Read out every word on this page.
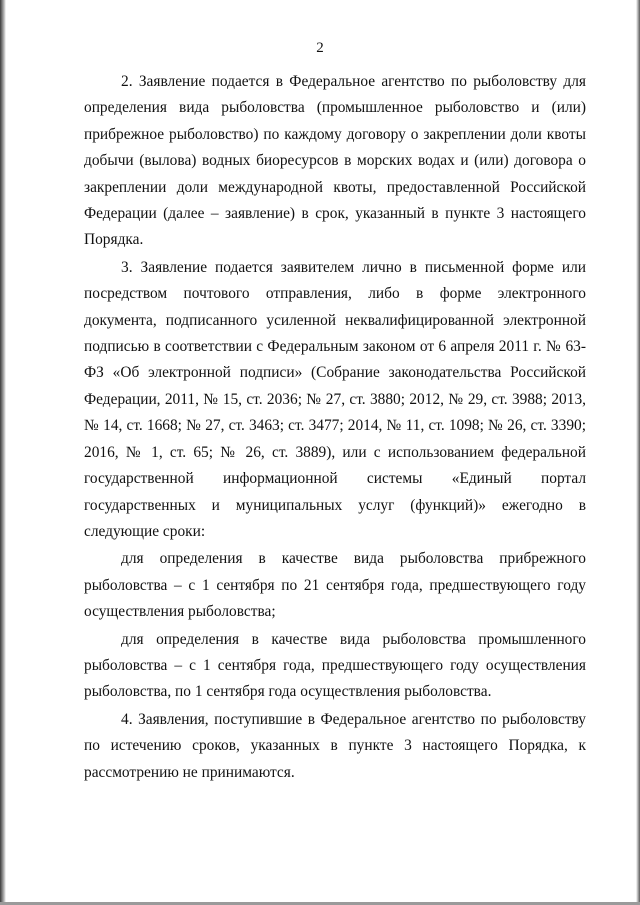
2

2. Заявление подается в Федеральное агентство по рыболовству для определения вида рыболовства (промышленное рыболовство и (или) прибрежное рыболовство) по каждому договору о закреплении доли квоты добычи (вылова) водных биоресурсов в морских водах и (или) договора о закреплении доли международной квоты, предоставленной Российской Федерации (далее – заявление) в срок, указанный в пункте 3 настоящего Порядка.

3. Заявление подается заявителем лично в письменной форме или посредством почтового отправления, либо в форме электронного документа, подписанного усиленной неквалифицированной электронной подписью в соответствии с Федеральным законом от 6 апреля 2011 г. № 63-ФЗ «Об электронной подписи» (Собрание законодательства Российской Федерации, 2011, № 15, ст. 2036; № 27, ст. 3880; 2012, № 29, ст. 3988; 2013, № 14, ст. 1668; № 27, ст. 3463; ст. 3477; 2014, № 11, ст. 1098; № 26, ст. 3390; 2016, № 1, ст. 65; № 26, ст. 3889), или с использованием федеральной государственной информационной системы «Единый портал государственных и муниципальных услуг (функций)» ежегодно в следующие сроки:

для определения в качестве вида рыболовства прибрежного рыболовства – с 1 сентября по 21 сентября года, предшествующего году осуществления рыболовства;

для определения в качестве вида рыболовства промышленного рыболовства – с 1 сентября года, предшествующего году осуществления рыболовства, по 1 сентября года осуществления рыболовства.

4. Заявления, поступившие в Федеральное агентство по рыболовству по истечению сроков, указанных в пункте 3 настоящего Порядка, к рассмотрению не принимаются.
